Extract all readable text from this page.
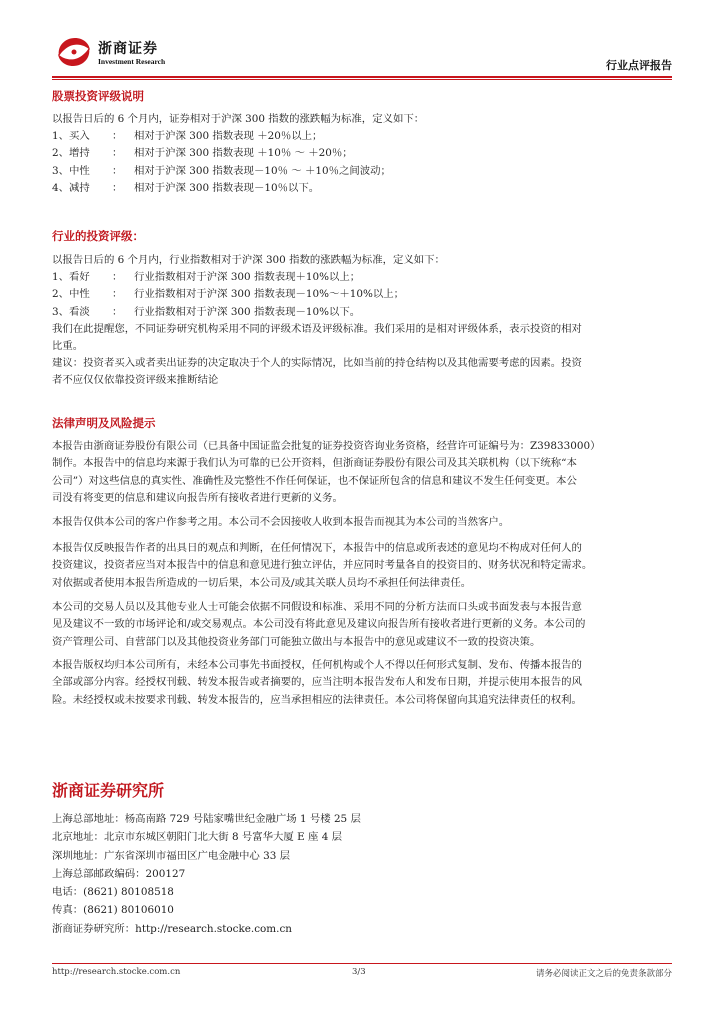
浙商证券
Investment Research	行业点评报告
股票投资评级说明
以报告日后的 6 个月内，证券相对于沪深 300 指数的涨跌幅为标准，定义如下：
1、买入 ： 相对于沪深 300 指数表现 ＋20％以上；
2、增持 ： 相对于沪深 300 指数表现 ＋10％ ～ ＋20％；
3、中性 ： 相对于沪深 300 指数表现－10％ ～ ＋10％之间波动；
4、减持 ： 相对于沪深 300 指数表现－10％以下。
行业的投资评级：
以报告日后的 6 个月内，行业指数相对于沪深 300 指数的涨跌幅为标准，定义如下：
1、看好 ： 行业指数相对于沪深 300 指数表现＋10%以上；
2、中性 ： 行业指数相对于沪深 300 指数表现－10%～＋10%以上；
3、看淡 ： 行业指数相对于沪深 300 指数表现－10%以下。
我们在此提醒您，不同证券研究机构采用不同的评级术语及评级标准。我们采用的是相对评级体系，表示投资的相对
比重。
建议：投资者买入或者卖出证券的决定取决于个人的实际情况，比如当前的持仓结构以及其他需要考虑的因素。投资
者不应仅仅依靠投资评级来推断结论
法律声明及风险提示
本报告由浙商证券股份有限公司（已具备中国证监会批复的证券投资咨询业务资格，经营许可证编号为：Z39833000）
制作。本报告中的信息均来源于我们认为可靠的已公开资料，但浙商证券股份有限公司及其关联机构（以下统称“本
公司”）对这些信息的真实性、准确性及完整性不作任何保证，也不保证所包含的信息和建议不发生任何变更。本公
司没有将变更的信息和建议向报告所有接收者进行更新的义务。
本报告仅供本公司的客户作参考之用。本公司不会因接收人收到本报告而视其为本公司的当然客户。
本报告仅反映报告作者的出具日的观点和判断，在任何情况下，本报告中的信息或所表述的意见均不构成对任何人的
投资建议，投资者应当对本报告中的信息和意见进行独立评估，并应同时考量各自的投资目的、财务状况和特定需求。
对依据或者使用本报告所造成的一切后果，本公司及/或其关联人员均不承担任何法律责任。
本公司的交易人员以及其他专业人士可能会依据不同假设和标准、采用不同的分析方法而口头或书面发表与本报告意
见及建议不一致的市场评论和/或交易观点。本公司没有将此意见及建议向报告所有接收者进行更新的义务。本公司的
资产管理公司、自营部门以及其他投资业务部门可能独立做出与本报告中的意见或建议不一致的投资决策。
本报告版权均归本公司所有，未经本公司事先书面授权，任何机构或个人不得以任何形式复制、发布、传播本报告的
全部或部分内容。经授权刊载、转发本报告或者摘要的，应当注明本报告发布人和发布日期，并提示使用本报告的风
险。未经授权或未按要求刊载、转发本报告的，应当承担相应的法律责任。本公司将保留向其追究法律责任的权利。
浙商证券研究所
上海总部地址：杨高南路 729 号陆家嘴世纪金融广场 1 号楼 25 层
北京地址：北京市东城区朝阳门北大街 8 号富华大厦 E 座 4 层
深圳地址：广东省深圳市福田区广电金融中心 33 层
上海总部邮政编码：200127
电话：(8621) 80108518
传真：(8621) 80106010
浙商证券研究所：http://research.stocke.com.cn
http://research.stocke.com.cn	3/3	请务必阅读正文之后的免责条款部分
